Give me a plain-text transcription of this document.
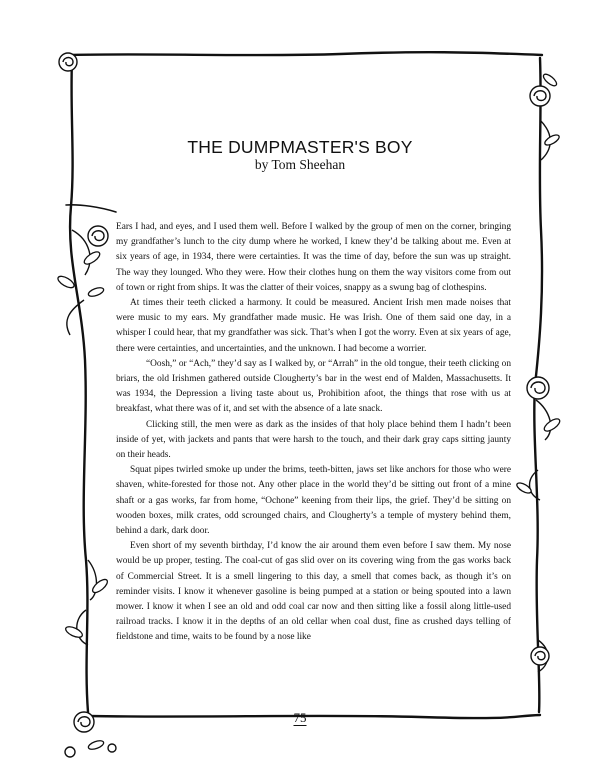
THE DUMPMASTER'S BOY
by Tom Sheehan

Ears I had, and eyes, and I used them well. Before I walked by the group of men on the corner, bringing my grandfather’s lunch to the city dump where he worked, I knew they’d be talking about me. Even at six years of age, in 1934, there were certainties. It was the time of day, before the sun was up straight. The way they lounged. Who they were. How their clothes hung on them the way visitors come from out of town or right from ships. It was the clatter of their voices, snappy as a swung bag of clothespins.

At times their teeth clicked a harmony. It could be measured. Ancient Irish men made noises that were music to my ears. My grandfather made music. He was Irish. One of them said one day, in a whisper I could hear, that my grandfather was sick. That’s when I got the worry. Even at six years of age, there were certainties, and uncertainties, and the unknown. I had become a worrier.

“Oosh,” or “Ach,” they’d say as I walked by, or “Arrah” in the old tongue, their teeth clicking on briars, the old Irishmen gathered outside Clougherty’s bar in the west end of Malden, Massachusetts. It was 1934, the Depression a living taste about us, Prohibition afoot, the things that rose with us at breakfast, what there was of it, and set with the absence of a late snack.

Clicking still, the men were as dark as the insides of that holy place behind them I hadn’t been inside of yet, with jackets and pants that were harsh to the touch, and their dark gray caps sitting jaunty on their heads.

Squat pipes twirled smoke up under the brims, teeth-bitten, jaws set like anchors for those who were shaven, white-forested for those not. Any other place in the world they’d be sitting out front of a mine shaft or a gas works, far from home, “Ochone” keening from their lips, the grief. They’d be sitting on wooden boxes, milk crates, odd scrounged chairs, and Clougherty’s a temple of mystery behind them, behind a dark, dark door.

Even short of my seventh birthday, I’d know the air around them even before I saw them. My nose would be up proper, testing. The coal-cut of gas slid over on its covering wing from the gas works back of Commercial Street. It is a smell lingering to this day, a smell that comes back, as though it’s on reminder visits. I know it whenever gasoline is being pumped at a station or being spouted into a lawn mower. I know it when I see an old and odd coal car now and then sitting like a fossil along little-used railroad tracks. I know it in the depths of an old cellar when coal dust, fine as crushed days telling of fieldstone and time, waits to be found by a nose like

75
